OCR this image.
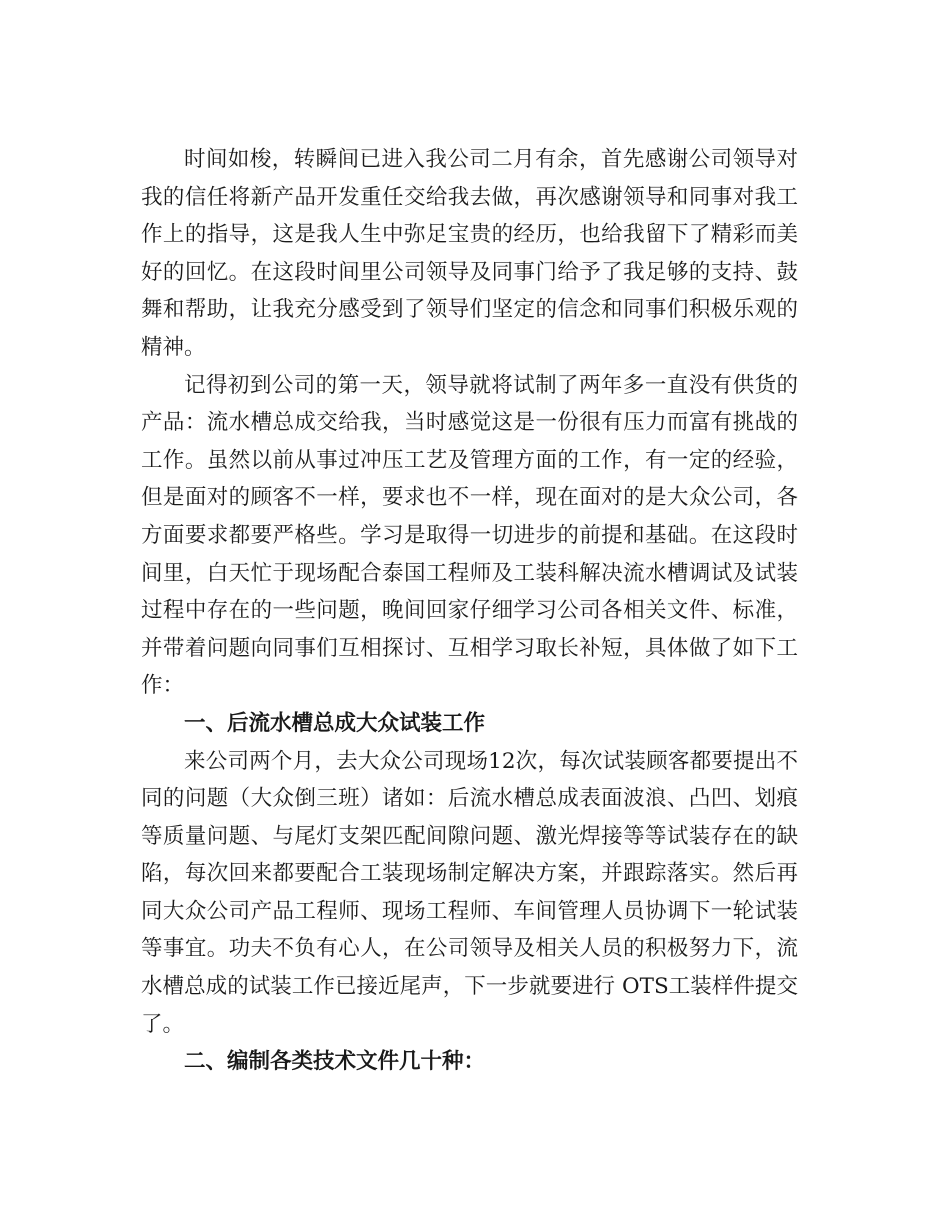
时间如梭，转瞬间已进入我公司二月有余，首先感谢公司领导对我的信任将新产品开发重任交给我去做，再次感谢领导和同事对我工作上的指导，这是我人生中弥足宝贵的经历，也给我留下了精彩而美好的回忆。在这段时间里公司领导及同事门给予了我足够的支持、鼓舞和帮助，让我充分感受到了领导们坚定的信念和同事们积极乐观的精神。

记得初到公司的第一天，领导就将试制了两年多一直没有供货的产品：流水槽总成交给我，当时感觉这是一份很有压力而富有挑战的工作。虽然以前从事过冲压工艺及管理方面的工作，有一定的经验，但是面对的顾客不一样，要求也不一样，现在面对的是大众公司，各方面要求都要严格些。学习是取得一切进步的前提和基础。在这段时间里，白天忙于现场配合泰国工程师及工装科解决流水槽调试及试装过程中存在的一些问题，晚间回家仔细学习公司各相关文件、标准，并带着问题向同事们互相探讨、互相学习取长补短，具体做了如下工作：

一、后流水槽总成大众试装工作

来公司两个月，去大众公司现场12次，每次试装顾客都要提出不同的问题（大众倒三班）诸如：后流水槽总成表面波浪、凸凹、划痕等质量问题、与尾灯支架匹配间隙问题、激光焊接等等试装存在的缺陷，每次回来都要配合工装现场制定解决方案，并跟踪落实。然后再同大众公司产品工程师、现场工程师、车间管理人员协调下一轮试装等事宜。功夫不负有心人，在公司领导及相关人员的积极努力下，流水槽总成的试装工作已接近尾声，下一步就要进行 OTS工装样件提交了。

二、编制各类技术文件几十种：
